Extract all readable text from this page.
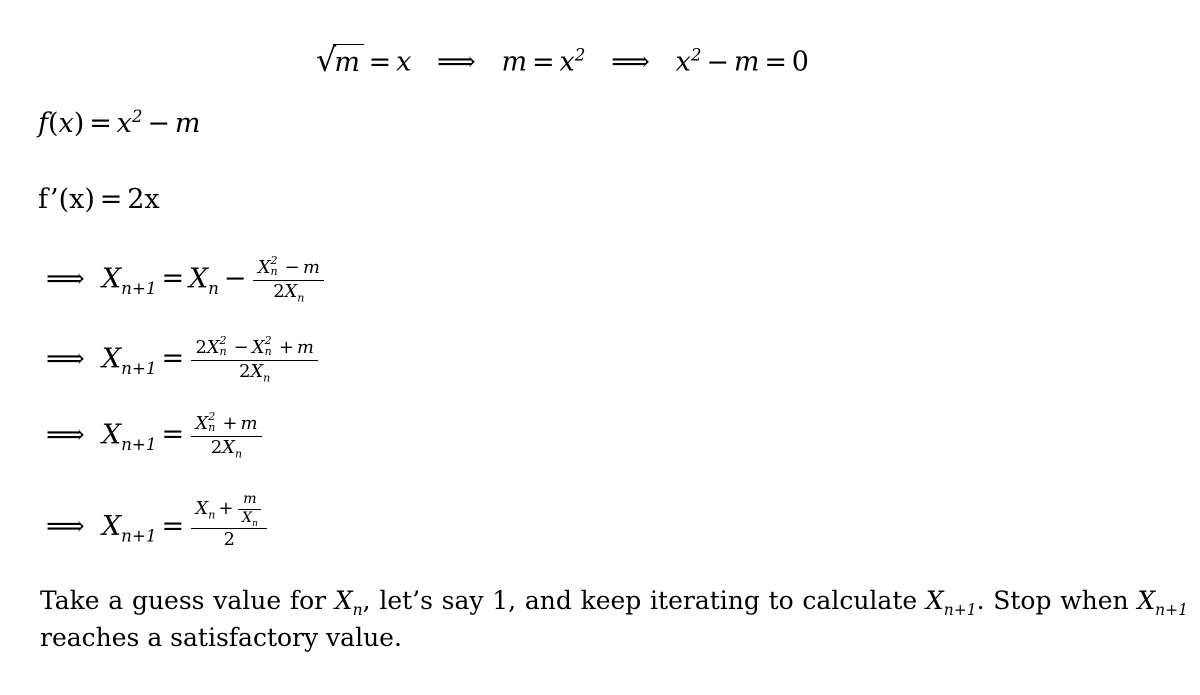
√
m = x   ⟹   $m = x^2$   ⟹   $x^2 - m = 0$
$f(x) = x^2 - m$
f’(x) = 2x
⟹ $X_{n+1} = X_n - X$ 2
n − m
$2X_n$
⟹ $X_{n+1} = 2X$ 2
n − X 2
n + m
$2X_n$
⟹ $X_{n+1} = X$ 2
n + m
$2X_n$
⟹ $X_{n+1} = \frac{X_n + \frac{m}{X_n}}{2}$
Take a guess value for $X_n$, let’s say 1, and keep iterating to calculate $X_{n+1}$. Stop when $X_{n+1}$ reaches a satisfactory value.
